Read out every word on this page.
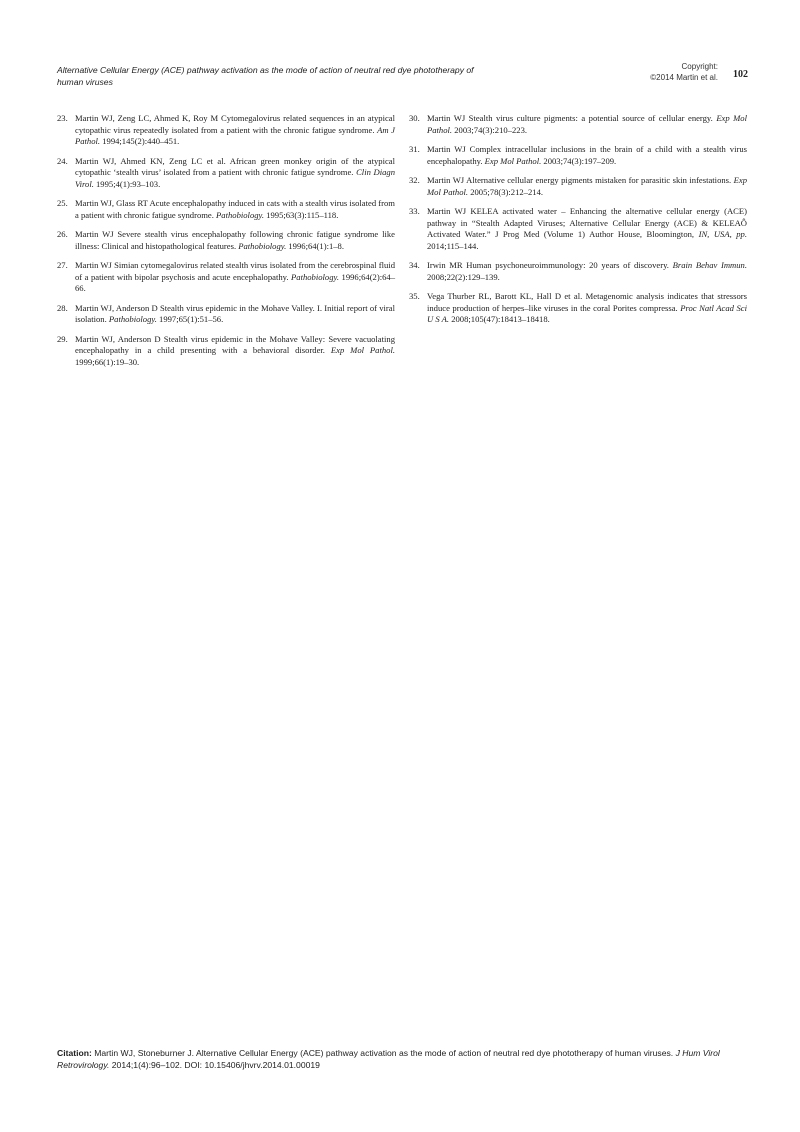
Alternative Cellular Energy (ACE) pathway activation as the mode of action of neutral red dye phototherapy of human viruses
Copyright:
©2014 Martin et al. 102
23. Martin WJ, Zeng LC, Ahmed K, Roy M Cytomegalovirus related sequences in an atypical cytopathic virus repeatedly isolated from a patient with the chronic fatigue syndrome. Am J Pathol. 1994;145(2):440–451.
24. Martin WJ, Ahmed KN, Zeng LC et al. African green monkey origin of the atypical cytopathic ‘stealth virus’ isolated from a patient with chronic fatigue syndrome. Clin Diagn Virol. 1995;4(1):93–103.
25. Martin WJ, Glass RT Acute encephalopathy induced in cats with a stealth virus isolated from a patient with chronic fatigue syndrome. Pathobiology. 1995;63(3):115–118.
26. Martin WJ Severe stealth virus encephalopathy following chronic fatigue syndrome like illness: Clinical and histopathological features. Pathobiology. 1996;64(1):1–8.
27. Martin WJ Simian cytomegalovirus related stealth virus isolated from the cerebrospinal fluid of a patient with bipolar psychosis and acute encephalopathy. Pathobiology. 1996;64(2):64–66.
28. Martin WJ, Anderson D Stealth virus epidemic in the Mohave Valley. I. Initial report of viral isolation. Pathobiology. 1997;65(1):51–56.
29. Martin WJ, Anderson D Stealth virus epidemic in the Mohave Valley: Severe vacuolating encephalopathy in a child presenting with a behavioral disorder. Exp Mol Pathol. 1999;66(1):19–30.
30. Martin WJ Stealth virus culture pigments: a potential source of cellular energy. Exp Mol Pathol. 2003;74(3):210–223.
31. Martin WJ Complex intracellular inclusions in the brain of a child with a stealth virus encephalopathy. Exp Mol Pathol. 2003;74(3):197–209.
32. Martin WJ Alternative cellular energy pigments mistaken for parasitic skin infestations. Exp Mol Pathol. 2005;78(3):212–214.
33. Martin WJ KELEA activated water – Enhancing the alternative cellular energy (ACE) pathway in “Stealth Adapted Viruses; Alternative Cellular Energy (ACE) & KELEAÔ Activated Water.” J Prog Med (Volume 1) Author House, Bloomington, IN, USA, pp. 2014;115–144.
34. Irwin MR Human psychoneuroimmunology: 20 years of discovery. Brain Behav Immun. 2008;22(2):129–139.
35. Vega Thurber RL, Barott KL, Hall D et al. Metagenomic analysis indicates that stressors induce production of herpes–like viruses in the coral Porites compressa. Proc Natl Acad Sci U S A. 2008;105(47):18413–18418.
Citation: Martin WJ, Stoneburner J. Alternative Cellular Energy (ACE) pathway activation as the mode of action of neutral red dye phototherapy of human viruses. J Hum Virol Retrovirology. 2014;1(4):96–102. DOI: 10.15406/jhvrv.2014.01.00019
